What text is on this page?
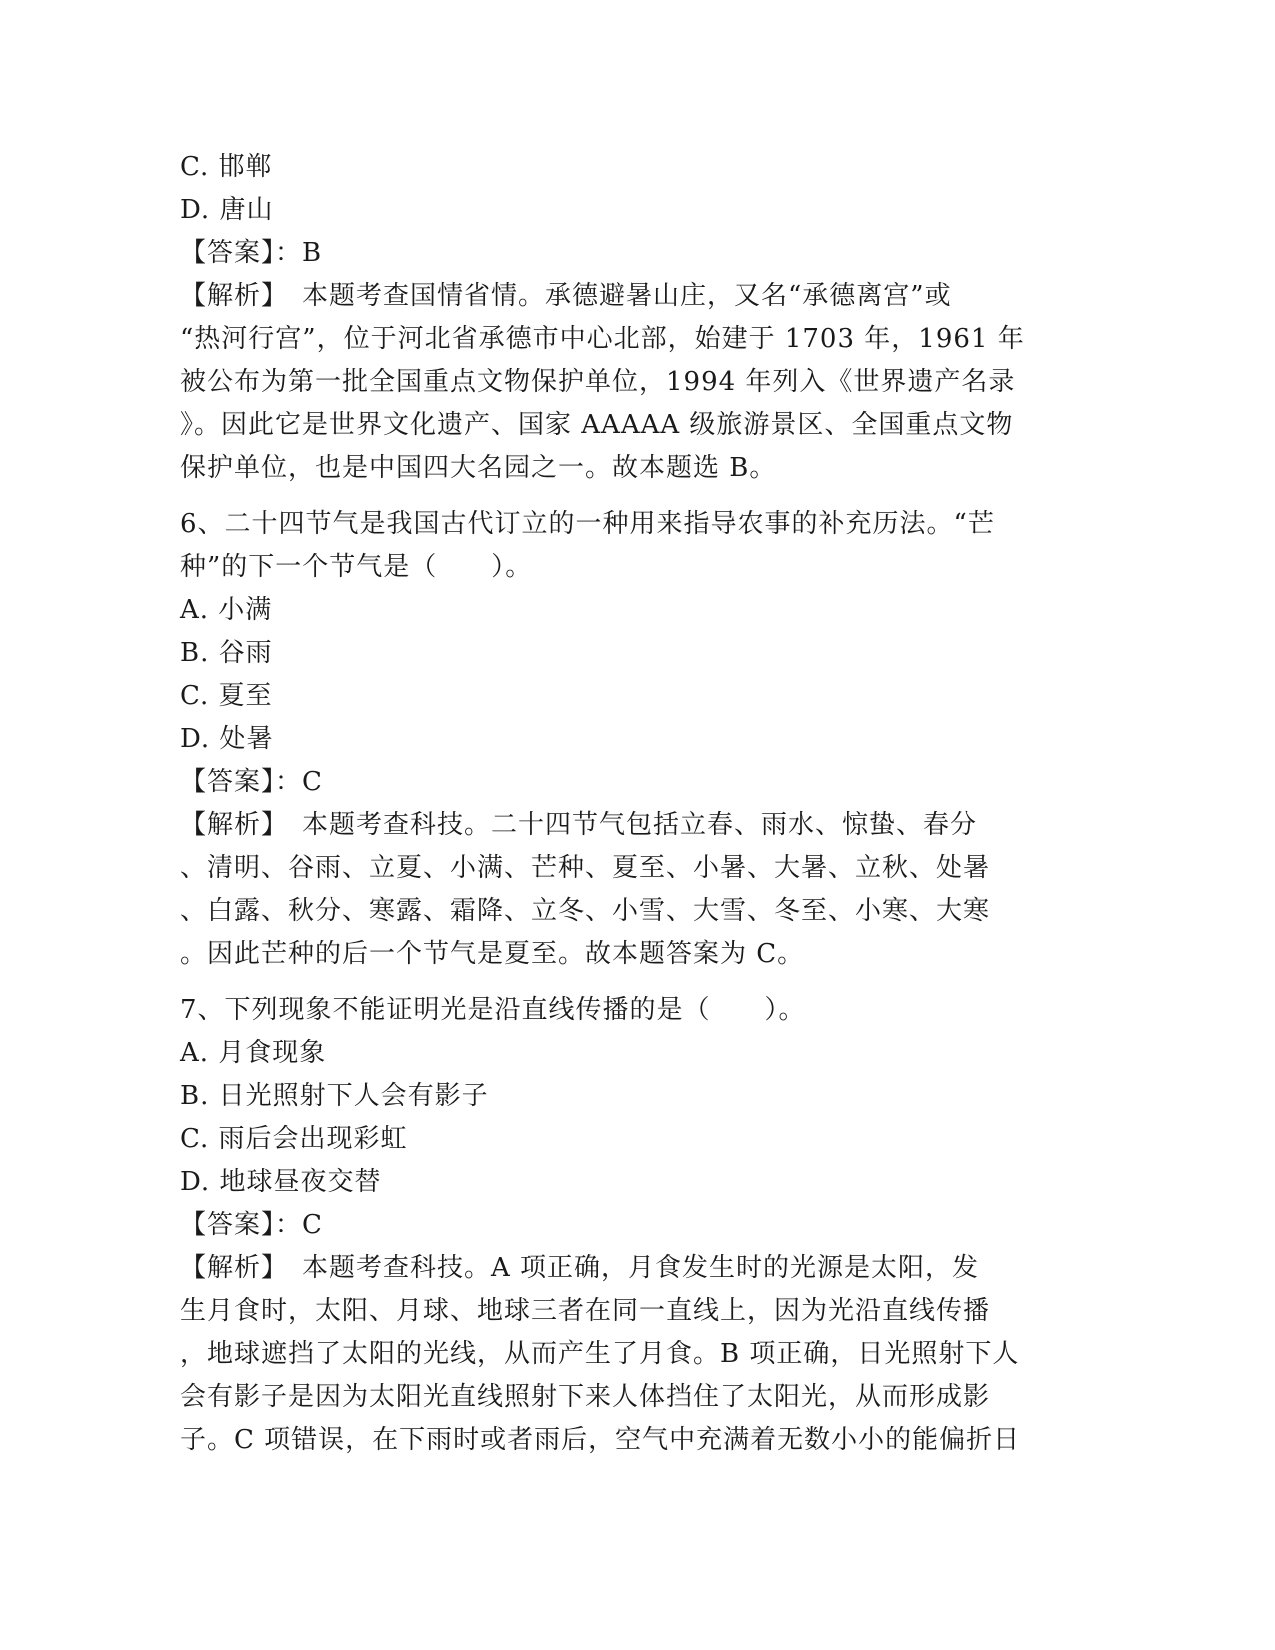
C. 邯郸
D. 唐山
【答案】：B
【解析】　本题考查国情省情。承德避暑山庄，又名“承德离宫”或
“热河行宫”，位于河北省承德市中心北部，始建于 1703 年，1961 年
被公布为第一批全国重点文物保护单位，1994 年列入《世界遗产名录
》。因此它是世界文化遗产、国家 AAAAA 级旅游景区、全国重点文物
保护单位，也是中国四大名园之一。故本题选 B。
6、二十四节气是我国古代订立的一种用来指导农事的补充历法。“芒
种”的下一个节气是（　　）。
A. 小满
B. 谷雨
C. 夏至
D. 处暑
【答案】：C
【解析】　本题考查科技。二十四节气包括立春、雨水、惊蛰、春分
、清明、谷雨、立夏、小满、芒种、夏至、小暑、大暑、立秋、处暑
、白露、秋分、寒露、霜降、立冬、小雪、大雪、冬至、小寒、大寒
。因此芒种的后一个节气是夏至。故本题答案为 C。
7、下列现象不能证明光是沿直线传播的是（　　）。
A. 月食现象
B. 日光照射下人会有影子
C. 雨后会出现彩虹
D. 地球昼夜交替
【答案】：C
【解析】　本题考查科技。A 项正确，月食发生时的光源是太阳，发
生月食时，太阳、月球、地球三者在同一直线上，因为光沿直线传播
，地球遮挡了太阳的光线，从而产生了月食。B 项正确，日光照射下人
会有影子是因为太阳光直线照射下来人体挡住了太阳光，从而形成影
子。C 项错误，在下雨时或者雨后，空气中充满着无数小小的能偏折日
